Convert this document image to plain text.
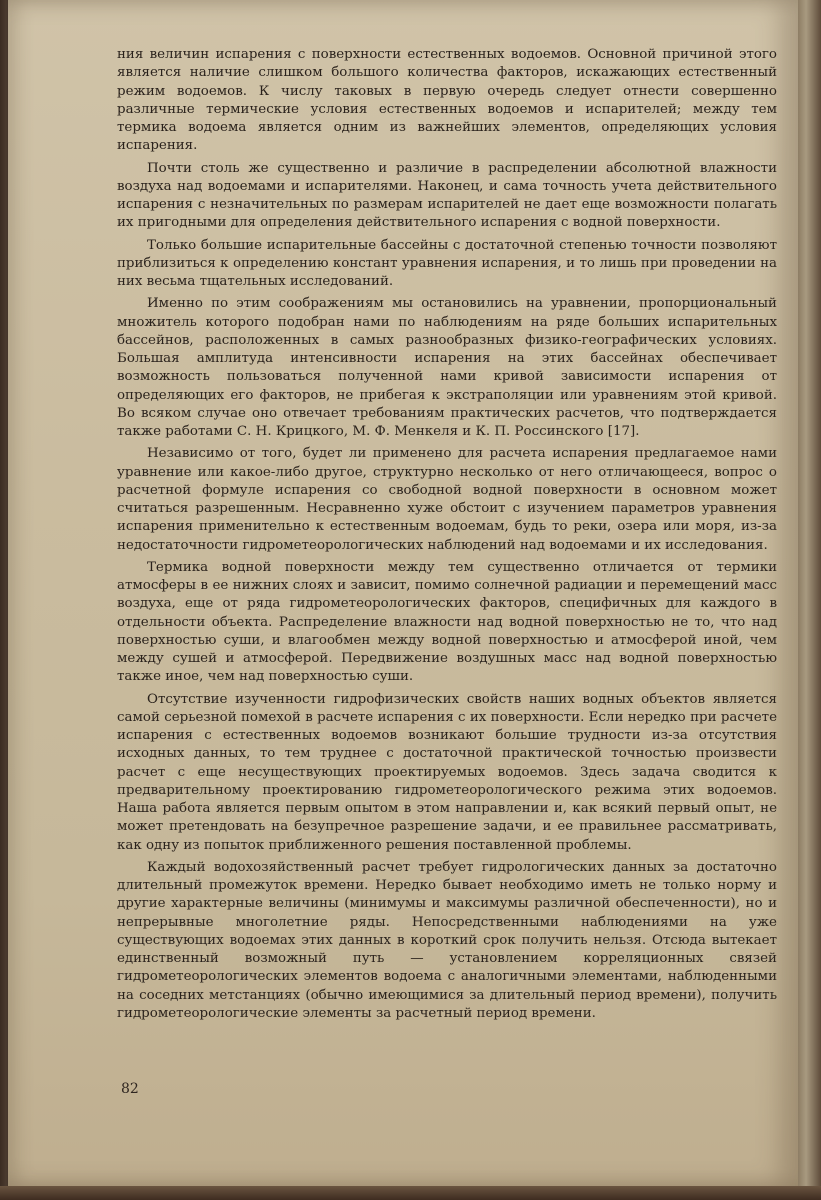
ния величин испарения с поверхности естественных водоемов. Основной причиной этого является наличие слишком большого количества факторов, искажающих естественный режим водоемов. К числу таковых в первую очередь следует отнести совершенно различные термические условия естественных водоемов и испарителей; между тем термика водоема является одним из важнейших элементов, определяющих условия испарения.

Почти столь же существенно и различие в распределении абсолютной влажности воздуха над водоемами и испарителями. Наконец, и сама точность учета действительного испарения с незначительных по размерам испарителей не дает еще возможности полагать их пригодными для определения действительного испарения с водной поверхности.

Только большие испарительные бассейны с достаточной степенью точности позволяют приблизиться к определению констант уравнения испарения, и то лишь при проведении на них весьма тщательных исследований.

Именно по этим соображениям мы остановились на уравнении, пропорциональный множитель которого подобран нами по наблюдениям на ряде больших испарительных бассейнов, расположенных в самых разнообразных физико-географических условиях. Большая амплитуда интенсивности испарения на этих бассейнах обеспечивает возможность пользоваться полученной нами кривой зависимости испарения от определяющих его факторов, не прибегая к экстраполяции или уравнениям этой кривой. Во всяком случае оно отвечает требованиям практических расчетов, что подтверждается также работами С. Н. Крицкого, М. Ф. Менкеля и К. П. Россинского [17].

Независимо от того, будет ли применено для расчета испарения предлагаемое нами уравнение или какое-либо другое, структурно несколько от него отличающееся, вопрос о расчетной формуле испарения со свободной водной поверхности в основном может считаться разрешенным. Несравненно хуже обстоит с изучением параметров уравнения испарения применительно к естественным водоемам, будь то реки, озера или моря, из-за недостаточности гидрометеорологических наблюдений над водоемами и их исследования.

Термика водной поверхности между тем существенно отличается от термики атмосферы в ее нижних слоях и зависит, помимо солнечной радиации и перемещений масс воздуха, еще от ряда гидрометеорологических факторов, специфичных для каждого в отдельности объекта. Распределение влажности над водной поверхностью не то, что над поверхностью суши, и влагообмен между водной поверхностью и атмосферой иной, чем между сушей и атмосферой. Передвижение воздушных масс над водной поверхностью также иное, чем над поверхностью суши.

Отсутствие изученности гидрофизических свойств наших водных объектов является самой серьезной помехой в расчете испарения с их поверхности. Если нередко при расчете испарения с естественных водоемов возникают большие трудности из-за отсутствия исходных данных, то тем труднее с достаточной практической точностью произвести расчет с еще несуществующих проектируемых водоемов. Здесь задача сводится к предварительному проектированию гидрометеорологического режима этих водоемов. Наша работа является первым опытом в этом направлении и, как всякий первый опыт, не может претендовать на безупречное разрешение задачи, и ее правильнее рассматривать, как одну из попыток приближенного решения поставленной проблемы.

Каждый водохозяйственный расчет требует гидрологических данных за достаточно длительный промежуток времени. Нередко бывает необходимо иметь не только норму и другие характерные величины (минимумы и максимумы различной обеспеченности), но и непрерывные многолетние ряды. Непосредственными наблюдениями на уже существующих водоемах этих данных в короткий срок получить нельзя. Отсюда вытекает единственный возможный путь — установлением корреляционных связей гидрометеорологических элементов водоема с аналогичными элементами, наблюденными на соседних метстанциях (обычно имеющимися за длительный период времени), получить гидрометеорологические элементы за расчетный период времени.

82
